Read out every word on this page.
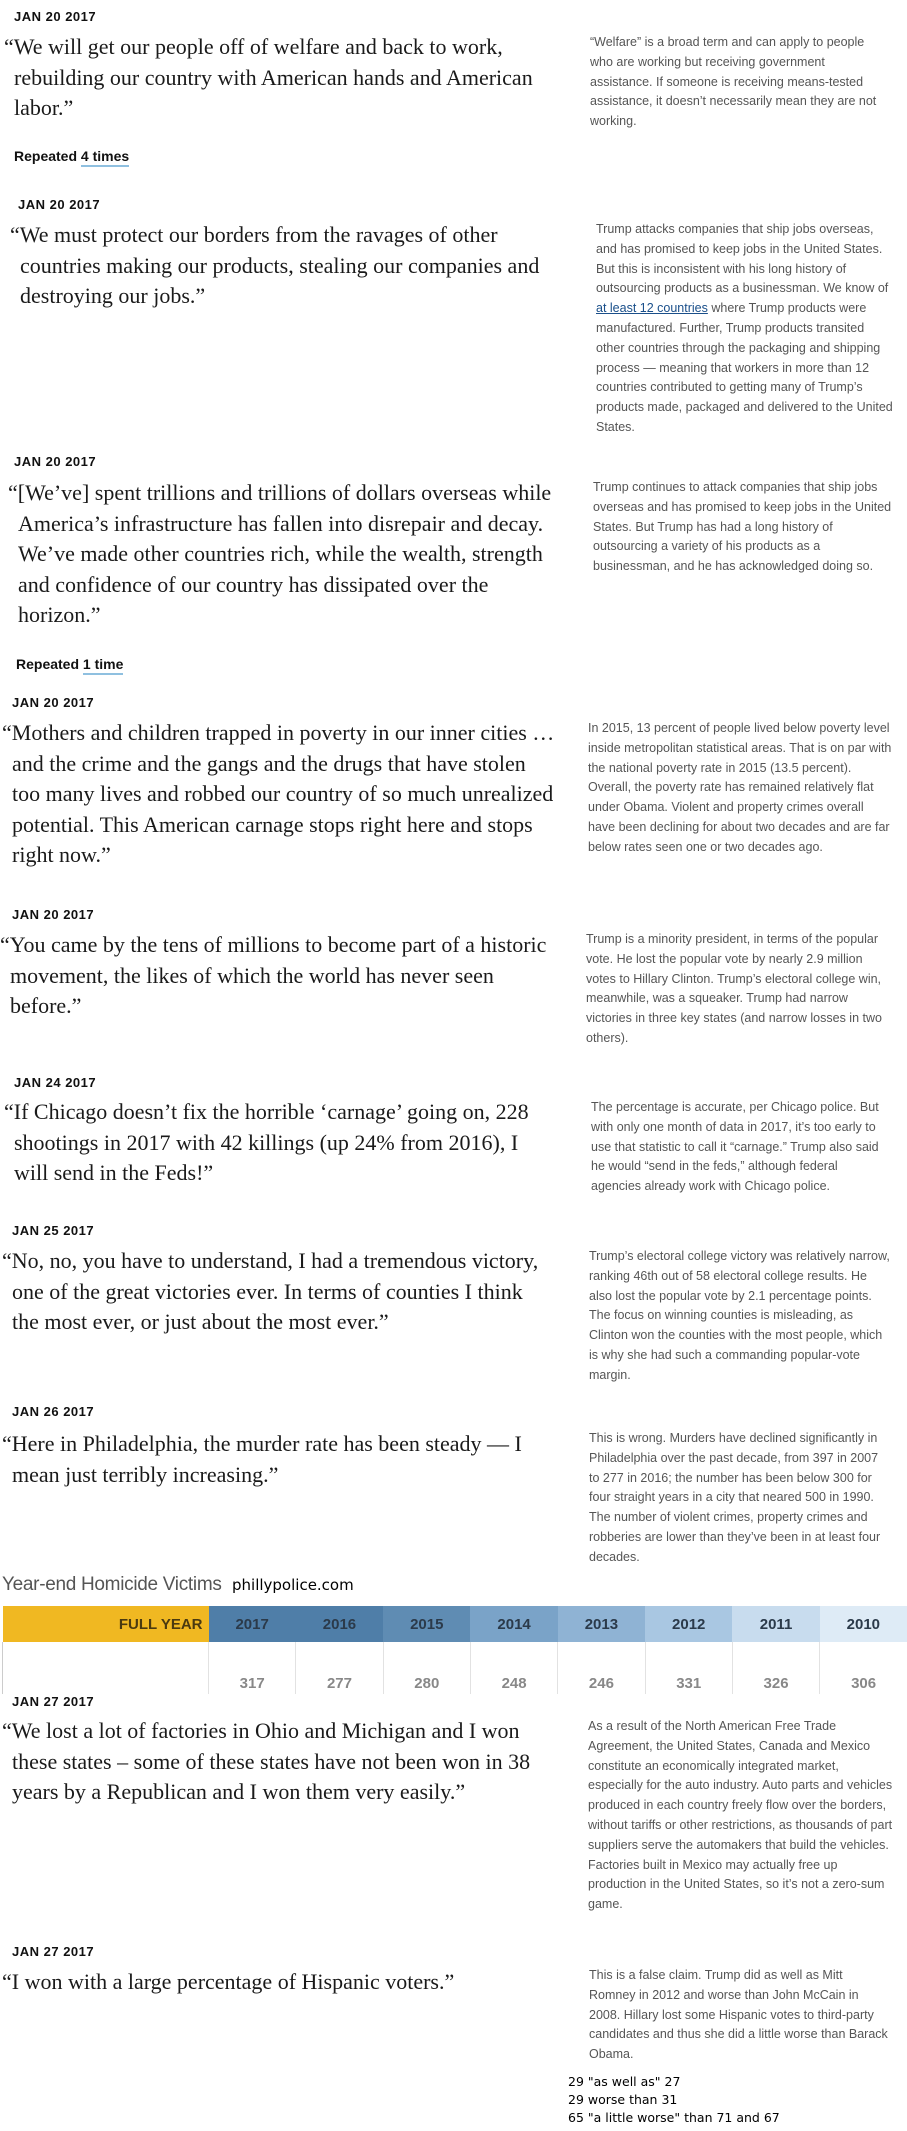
JAN 20 2017
“We will get our people off of welfare and back to work, rebuilding our country with American hands and American labor.”
“Welfare” is a broad term and can apply to people who are working but receiving government assistance. If someone is receiving means-tested assistance, it doesn’t necessarily mean they are not working.
Repeated 4 times
JAN 20 2017
“We must protect our borders from the ravages of other countries making our products, stealing our companies and destroying our jobs.”
Trump attacks companies that ship jobs overseas, and has promised to keep jobs in the United States. But this is inconsistent with his long history of outsourcing products as a businessman. We know of at least 12 countries where Trump products were manufactured. Further, Trump products transited other countries through the packaging and shipping process — meaning that workers in more than 12 countries contributed to getting many of Trump’s products made, packaged and delivered to the United States.
JAN 20 2017
“[We’ve] spent trillions and trillions of dollars overseas while America’s infrastructure has fallen into disrepair and decay. We’ve made other countries rich, while the wealth, strength and confidence of our country has dissipated over the horizon.”
Trump continues to attack companies that ship jobs overseas and has promised to keep jobs in the United States. But Trump has had a long history of outsourcing a variety of his products as a businessman, and he has acknowledged doing so.
Repeated 1 time
JAN 20 2017
“Mothers and children trapped in poverty in our inner cities … and the crime and the gangs and the drugs that have stolen too many lives and robbed our country of so much unrealized potential. This American carnage stops right here and stops right now.”
In 2015, 13 percent of people lived below poverty level inside metropolitan statistical areas. That is on par with the national poverty rate in 2015 (13.5 percent). Overall, the poverty rate has remained relatively flat under Obama. Violent and property crimes overall have been declining for about two decades and are far below rates seen one or two decades ago.
JAN 20 2017
“You came by the tens of millions to become part of a historic movement, the likes of which the world has never seen before.”
Trump is a minority president, in terms of the popular vote. He lost the popular vote by nearly 2.9 million votes to Hillary Clinton. Trump’s electoral college win, meanwhile, was a squeaker. Trump had narrow victories in three key states (and narrow losses in two others).
JAN 24 2017
“If Chicago doesn’t fix the horrible ‘carnage’ going on, 228 shootings in 2017 with 42 killings (up 24% from 2016), I will send in the Feds!”
The percentage is accurate, per Chicago police. But with only one month of data in 2017, it’s too early to use that statistic to call it “carnage.” Trump also said he would “send in the feds,” although federal agencies already work with Chicago police.
JAN 25 2017
“No, no, you have to understand, I had a tremendous victory, one of the great victories ever. In terms of counties I think the most ever, or just about the most ever.”
Trump’s electoral college victory was relatively narrow, ranking 46th out of 58 electoral college results. He also lost the popular vote by 2.1 percentage points. The focus on winning counties is misleading, as Clinton won the counties with the most people, which is why she had such a commanding popular-vote margin.
JAN 26 2017
“Here in Philadelphia, the murder rate has been steady — I mean just terribly increasing.”
This is wrong. Murders have declined significantly in Philadelphia over the past decade, from 397 in 2007 to 277 in 2016; the number has been below 300 for four straight years in a city that neared 500 in 1990. The number of violent crimes, property crimes and robberies are lower than they’ve been in at least four decades.
Year-end Homicide Victims phillypolice.com
FULL YEAR	2017	2016	2015	2014	2013	2012	2011	2010
	317	277	280	248	246	331	326	306
JAN 27 2017
“We lost a lot of factories in Ohio and Michigan and I won these states – some of these states have not been won in 38 years by a Republican and I won them very easily.”
As a result of the North American Free Trade Agreement, the United States, Canada and Mexico constitute an economically integrated market, especially for the auto industry. Auto parts and vehicles produced in each country freely flow over the borders, without tariffs or other restrictions, as thousands of part suppliers serve the automakers that build the vehicles. Factories built in Mexico may actually free up production in the United States, so it’s not a zero-sum game.
JAN 27 2017
“I won with a large percentage of Hispanic voters.”	This is a false claim. Trump did as well as Mitt Romney in 2012 and worse than John McCain in 2008. Hillary lost some Hispanic votes to third-party candidates and thus she did a little worse than Barack Obama.
29 "as well as" 27
29 worse than 31
65 "a little worse" than 71 and 67
